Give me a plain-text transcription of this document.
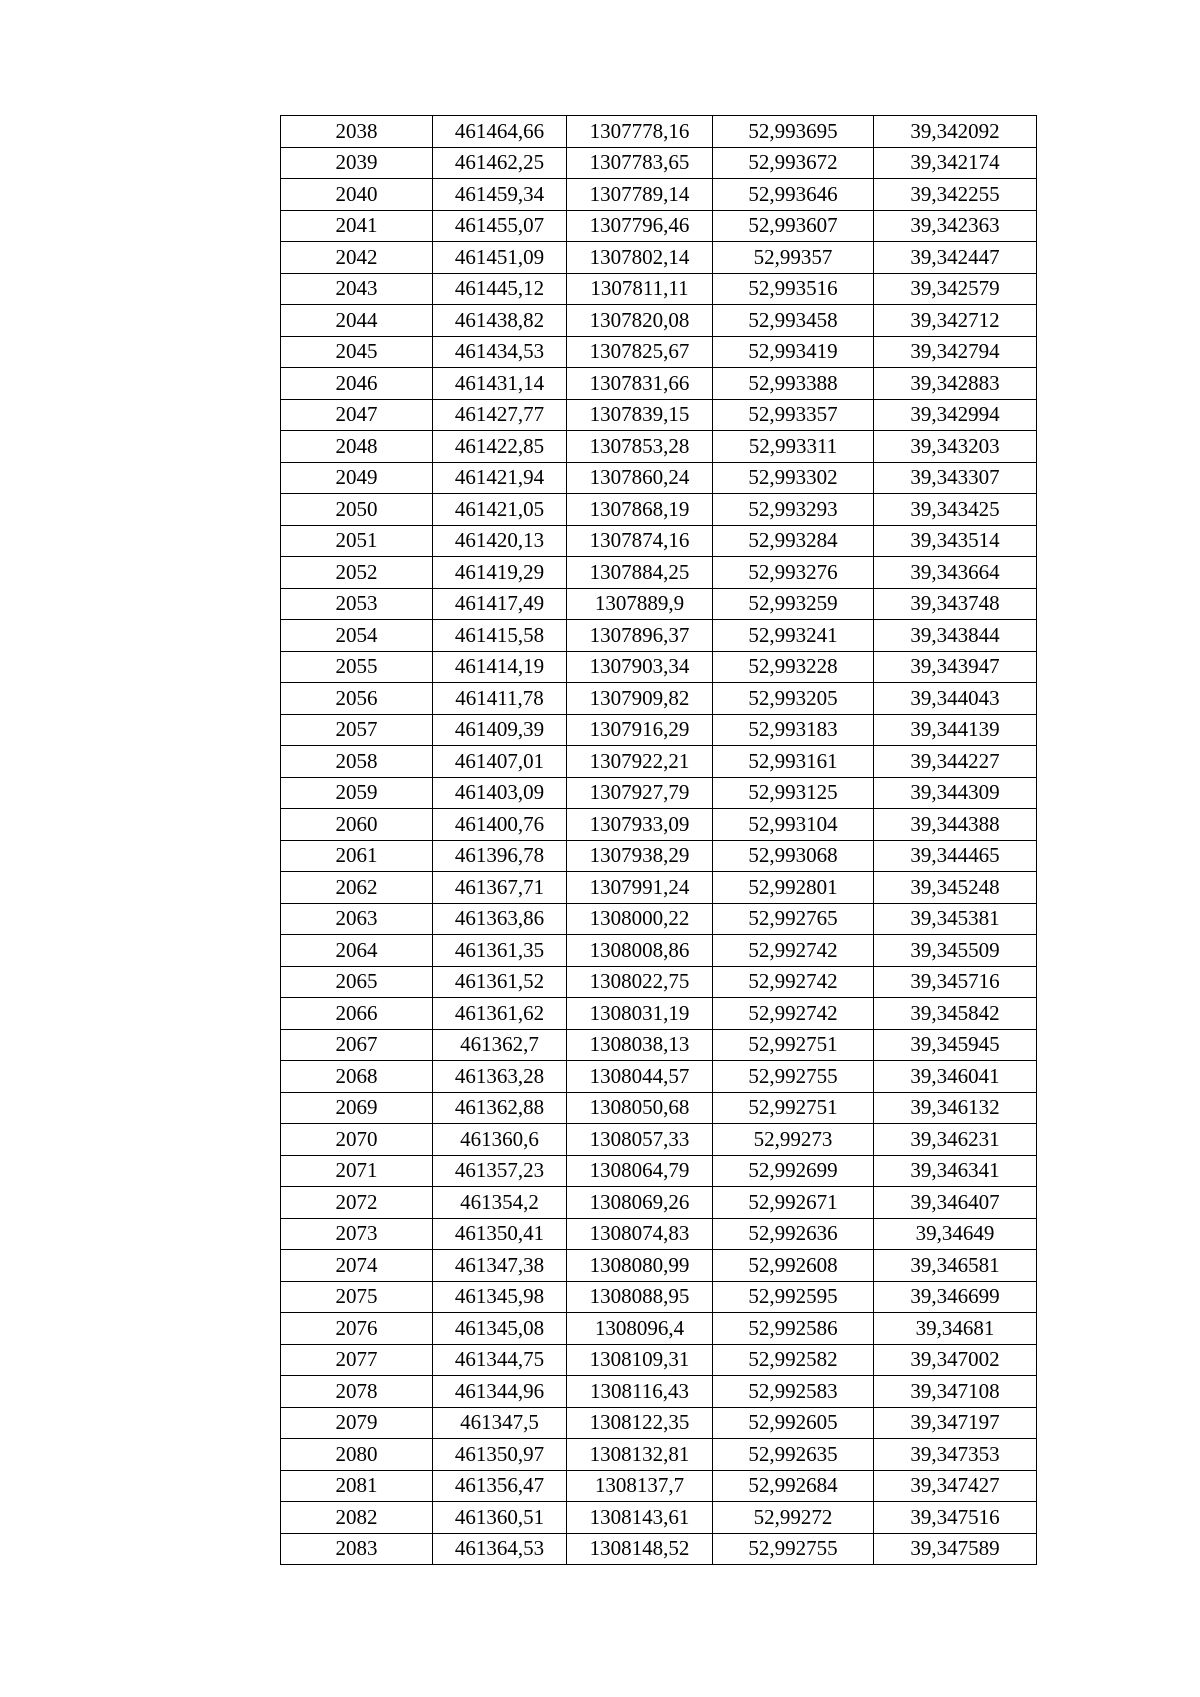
2038	461464,66	1307778,16	52,993695	39,342092
2039	461462,25	1307783,65	52,993672	39,342174
2040	461459,34	1307789,14	52,993646	39,342255
2041	461455,07	1307796,46	52,993607	39,342363
2042	461451,09	1307802,14	52,99357	39,342447
2043	461445,12	1307811,11	52,993516	39,342579
2044	461438,82	1307820,08	52,993458	39,342712
2045	461434,53	1307825,67	52,993419	39,342794
2046	461431,14	1307831,66	52,993388	39,342883
2047	461427,77	1307839,15	52,993357	39,342994
2048	461422,85	1307853,28	52,993311	39,343203
2049	461421,94	1307860,24	52,993302	39,343307
2050	461421,05	1307868,19	52,993293	39,343425
2051	461420,13	1307874,16	52,993284	39,343514
2052	461419,29	1307884,25	52,993276	39,343664
2053	461417,49	1307889,9	52,993259	39,343748
2054	461415,58	1307896,37	52,993241	39,343844
2055	461414,19	1307903,34	52,993228	39,343947
2056	461411,78	1307909,82	52,993205	39,344043
2057	461409,39	1307916,29	52,993183	39,344139
2058	461407,01	1307922,21	52,993161	39,344227
2059	461403,09	1307927,79	52,993125	39,344309
2060	461400,76	1307933,09	52,993104	39,344388
2061	461396,78	1307938,29	52,993068	39,344465
2062	461367,71	1307991,24	52,992801	39,345248
2063	461363,86	1308000,22	52,992765	39,345381
2064	461361,35	1308008,86	52,992742	39,345509
2065	461361,52	1308022,75	52,992742	39,345716
2066	461361,62	1308031,19	52,992742	39,345842
2067	461362,7	1308038,13	52,992751	39,345945
2068	461363,28	1308044,57	52,992755	39,346041
2069	461362,88	1308050,68	52,992751	39,346132
2070	461360,6	1308057,33	52,99273	39,346231
2071	461357,23	1308064,79	52,992699	39,346341
2072	461354,2	1308069,26	52,992671	39,346407
2073	461350,41	1308074,83	52,992636	39,34649
2074	461347,38	1308080,99	52,992608	39,346581
2075	461345,98	1308088,95	52,992595	39,346699
2076	461345,08	1308096,4	52,992586	39,34681
2077	461344,75	1308109,31	52,992582	39,347002
2078	461344,96	1308116,43	52,992583	39,347108
2079	461347,5	1308122,35	52,992605	39,347197
2080	461350,97	1308132,81	52,992635	39,347353
2081	461356,47	1308137,7	52,992684	39,347427
2082	461360,51	1308143,61	52,99272	39,347516
2083	461364,53	1308148,52	52,992755	39,347589
